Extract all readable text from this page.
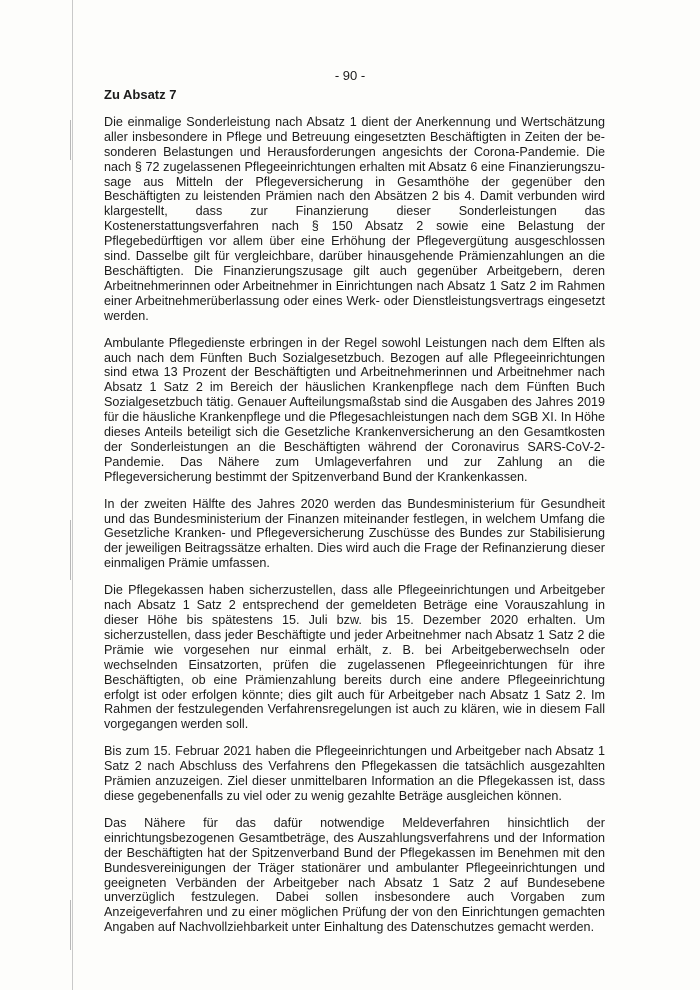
- 90 -
Zu Absatz 7

Die einmalige Sonderleistung nach Absatz 1 dient der Anerkennung und Wertschätzung aller insbesondere in Pflege und Betreuung eingesetzten Beschäftigten in Zeiten der besonderen Belastungen und Herausforderungen angesichts der Corona-Pandemie. Die nach § 72 zugelassenen Pflegeeinrichtungen erhalten mit Absatz 6 eine Finanzierungszusage aus Mitteln der Pflegeversicherung in Gesamthöhe der gegenüber den Beschäftigten zu leistenden Prämien nach den Absätzen 2 bis 4. Damit verbunden wird klargestellt, dass zur Finanzierung dieser Sonderleistungen das Kostenerstattungsverfahren nach § 150 Absatz 2 sowie eine Belastung der Pflegebedürftigen vor allem über eine Erhöhung der Pflegevergütung ausgeschlossen sind. Dasselbe gilt für vergleichbare, darüber hinausgehende Prämienzahlungen an die Beschäftigten. Die Finanzierungszusage gilt auch gegenüber Arbeitgebern, deren Arbeitnehmerinnen oder Arbeitnehmer in Einrichtungen nach Absatz 1 Satz 2 im Rahmen einer Arbeitnehmerüberlassung oder eines Werk- oder Dienstleistungsvertrags eingesetzt werden.

Ambulante Pflegedienste erbringen in der Regel sowohl Leistungen nach dem Elften als auch nach dem Fünften Buch Sozialgesetzbuch. Bezogen auf alle Pflegeeinrichtungen sind etwa 13 Prozent der Beschäftigten und Arbeitnehmerinnen und Arbeitnehmer nach Absatz 1 Satz 2 im Bereich der häuslichen Krankenpflege nach dem Fünften Buch Sozialgesetzbuch tätig. Genauer Aufteilungsmaßstab sind die Ausgaben des Jahres 2019 für die häusliche Krankenpflege und die Pflegesachleistungen nach dem SGB XI. In Höhe dieses Anteils beteiligt sich die Gesetzliche Krankenversicherung an den Gesamtkosten der Sonderleistungen an die Beschäftigten während der Coronavirus SARS-CoV-2-Pandemie. Das Nähere zum Umlageverfahren und zur Zahlung an die Pflegeversicherung bestimmt der Spitzenverband Bund der Krankenkassen.

In der zweiten Hälfte des Jahres 2020 werden das Bundesministerium für Gesundheit und das Bundesministerium der Finanzen miteinander festlegen, in welchem Umfang die Gesetzliche Kranken- und Pflegeversicherung Zuschüsse des Bundes zur Stabilisierung der jeweiligen Beitragssätze erhalten. Dies wird auch die Frage der Refinanzierung dieser einmaligen Prämie umfassen.

Die Pflegekassen haben sicherzustellen, dass alle Pflegeeinrichtungen und Arbeitgeber nach Absatz 1 Satz 2 entsprechend der gemeldeten Beträge eine Vorauszahlung in dieser Höhe bis spätestens 15. Juli bzw. bis 15. Dezember 2020 erhalten. Um sicherzustellen, dass jeder Beschäftigte und jeder Arbeitnehmer nach Absatz 1 Satz 2 die Prämie wie vorgesehen nur einmal erhält, z. B. bei Arbeitgeberwechseln oder wechselnden Einsatzorten, prüfen die zugelassenen Pflegeeinrichtungen für ihre Beschäftigten, ob eine Prämienzahlung bereits durch eine andere Pflegeeinrichtung erfolgt ist oder erfolgen könnte; dies gilt auch für Arbeitgeber nach Absatz 1 Satz 2. Im Rahmen der festzulegenden Verfahrensregelungen ist auch zu klären, wie in diesem Fall vorgegangen werden soll.

Bis zum 15. Februar 2021 haben die Pflegeeinrichtungen und Arbeitgeber nach Absatz 1 Satz 2 nach Abschluss des Verfahrens den Pflegekassen die tatsächlich ausgezahlten Prämien anzuzeigen. Ziel dieser unmittelbaren Information an die Pflegekassen ist, dass diese gegebenenfalls zu viel oder zu wenig gezahlte Beträge ausgleichen können.

Das Nähere für das dafür notwendige Meldeverfahren hinsichtlich der einrichtungsbezogenen Gesamtbeträge, des Auszahlungsverfahrens und der Information der Beschäftigten hat der Spitzenverband Bund der Pflegekassen im Benehmen mit den Bundesvereinigungen der Träger stationärer und ambulanter Pflegeeinrichtungen und geeigneten Verbänden der Arbeitgeber nach Absatz 1 Satz 2 auf Bundesebene unverzüglich festzulegen. Dabei sollen insbesondere auch Vorgaben zum Anzeigeverfahren und zu einer möglichen Prüfung der von den Einrichtungen gemachten Angaben auf Nachvollziehbarkeit unter Einhaltung des Datenschutzes gemacht werden.
